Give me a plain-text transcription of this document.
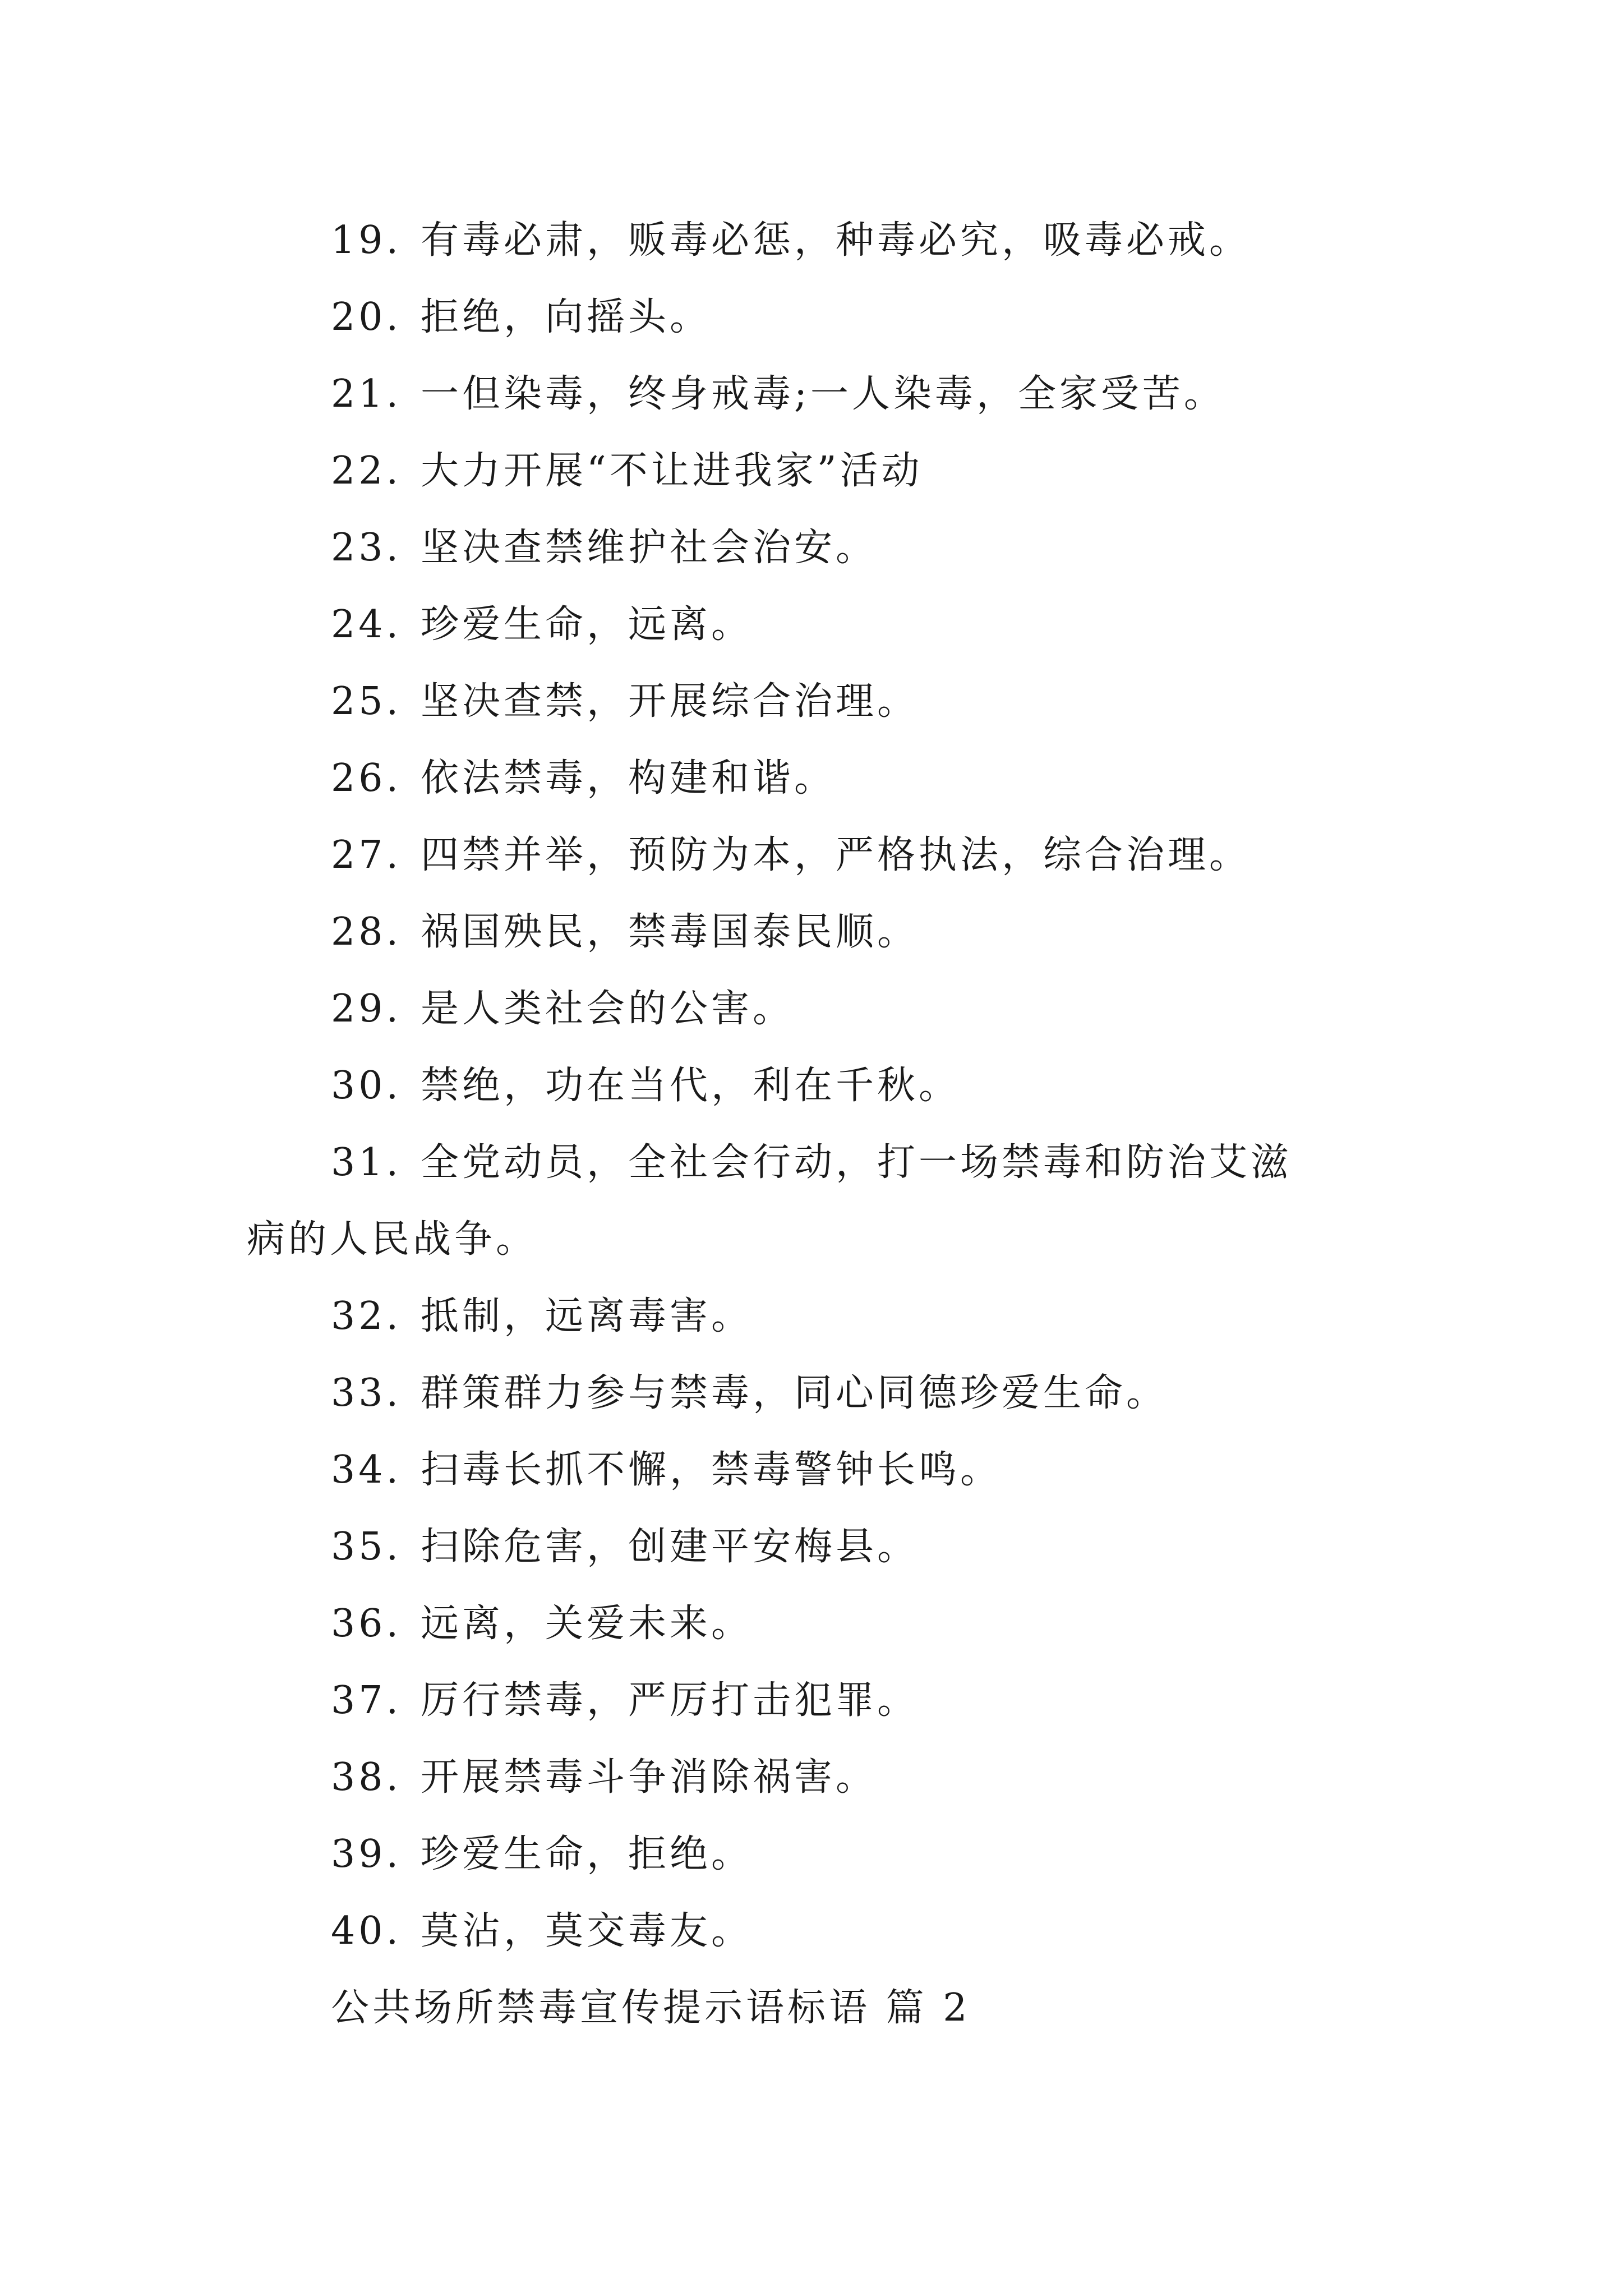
19. 有毒必肃，贩毒必惩，种毒必究，吸毒必戒。
20. 拒绝，向摇头。
21. 一但染毒，终身戒毒;一人染毒，全家受苦。
22. 大力开展“不让进我家”活动
23. 坚决查禁维护社会治安。
24. 珍爱生命，远离。
25. 坚决查禁，开展综合治理。
26. 依法禁毒，构建和谐。
27. 四禁并举，预防为本，严格执法，综合治理。
28. 祸国殃民，禁毒国泰民顺。
29. 是人类社会的公害。
30. 禁绝，功在当代，利在千秋。
31. 全党动员，全社会行动，打一场禁毒和防治艾滋病的人民战争。
32. 抵制，远离毒害。
33. 群策群力参与禁毒，同心同德珍爱生命。
34. 扫毒长抓不懈，禁毒警钟长鸣。
35. 扫除危害，创建平安梅县。
36. 远离，关爱未来。
37. 厉行禁毒，严厉打击犯罪。
38. 开展禁毒斗争消除祸害。
39. 珍爱生命，拒绝。
40. 莫沾，莫交毒友。
公共场所禁毒宣传提示语标语 篇 2
